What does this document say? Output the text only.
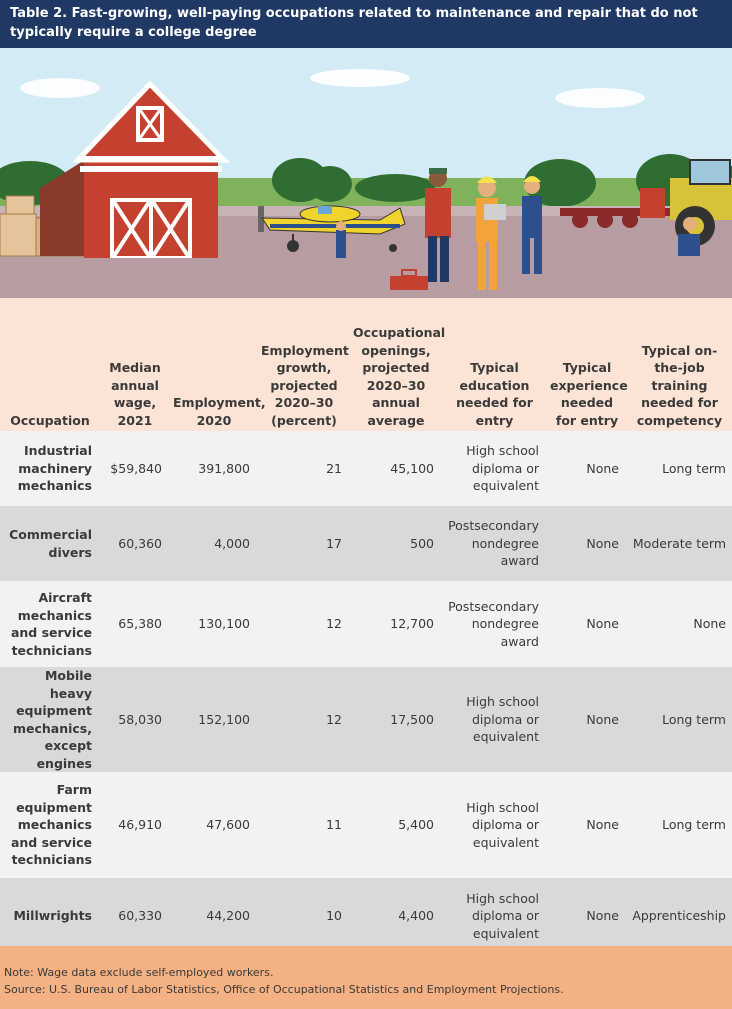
Table 2. Fast-growing, well-paying occupations related to maintenance and repair that do not typically require a college degree
Occupation	Median annual wage, 2021	Employment, 2020	Employment growth, projected 2020–30 (percent)	Occupational openings, projected 2020–30 annual average	Typical education needed for entry	Typical experience needed for entry	Typical on-the-job training needed for competency
Industrial machinery mechanics	$59,840	391,800	21	45,100	High school diploma or equivalent	None	Long term
Commercial divers	60,360	4,000	17	500	Postsecondary nondegree award	None	Moderate term
Aircraft mechanics and service technicians	65,380	130,100	12	12,700	Postsecondary nondegree award	None	None
Mobile heavy equipment mechanics, except engines	58,030	152,100	12	17,500	High school diploma or equivalent	None	Long term
Farm equipment mechanics and service technicians	46,910	47,600	11	5,400	High school diploma or equivalent	None	Long term
Millwrights	60,330	44,200	10	4,400	High school diploma or equivalent	None	Apprenticeship
Note: Wage data exclude self-employed workers.
Source: U.S. Bureau of Labor Statistics, Office of Occupational Statistics and Employment Projections.
